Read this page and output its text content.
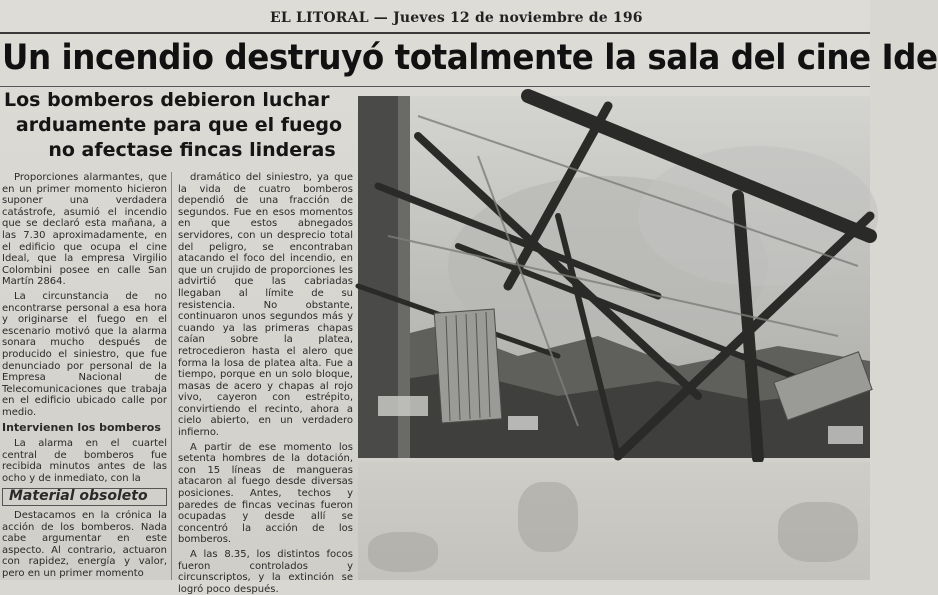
EL LITORAL — Jueves 12 de noviembre de 196
Un incendio destruyó totalmente la sala del cine Ide
Los bomberos debieron luchar
arduamente para que el fuego
no afectase fincas linderas

Proporciones alarmantes, que en un primer momento hicieron suponer una verdadera catástrofe, asumió el incendio que se declaró esta mañana, a las 7.30 aproximadamente, en el edificio que ocupa el cine Ideal, que la empresa Virgilio Colombini posee en calle San Martín 2864.

La circunstancia de no encontrarse personal a esa hora y originarse el fuego en el escenario motivó que la alarma sonara mucho después de producido el siniestro, que fue denunciado por personal de la Empresa Nacional de Telecomunicaciones que trabaja en el edificio ubicado calle por medio.

Intervienen los bomberos

La alarma en el cuartel central de bomberos fue recibida minutos antes de las ocho y de inmediato, con la

Material obsoleto

Destacamos en la crónica la acción de los bomberos. Nada cabe argumentar en este aspecto. Al contrario, actuaron con rapidez, energía y valor, pero en un primer momento

dramático del siniestro, ya que la vida de cuatro bomberos dependió de una fracción de segundos. Fue en esos momentos en que estos abnegados servidores, con un desprecio total del peligro, se encontraban atacando el foco del incendio, en que un crujido de proporciones les advirtió que las cabriadas llegaban al límite de su resistencia. No obstante, continuaron unos segundos más y cuando ya las primeras chapas caían sobre la platea, retrocedieron hasta el alero que forma la losa de platea alta. Fue a tiempo, porque en un solo bloque, masas de acero y chapas al rojo vivo, cayeron con estrépito, convirtiendo el recinto, ahora a cielo abierto, en un verdadero infierno.

A partir de ese momento los setenta hombres de la dotación, con 15 líneas de mangueras atacaron al fuego desde diversas posiciones. Antes, techos y paredes de fincas vecinas fueron ocupadas y desde allí se concentró la acción de los bomberos.

A las 8.35, los distintos focos fueron controlados y circunscriptos, y la extinción se logró poco después.
